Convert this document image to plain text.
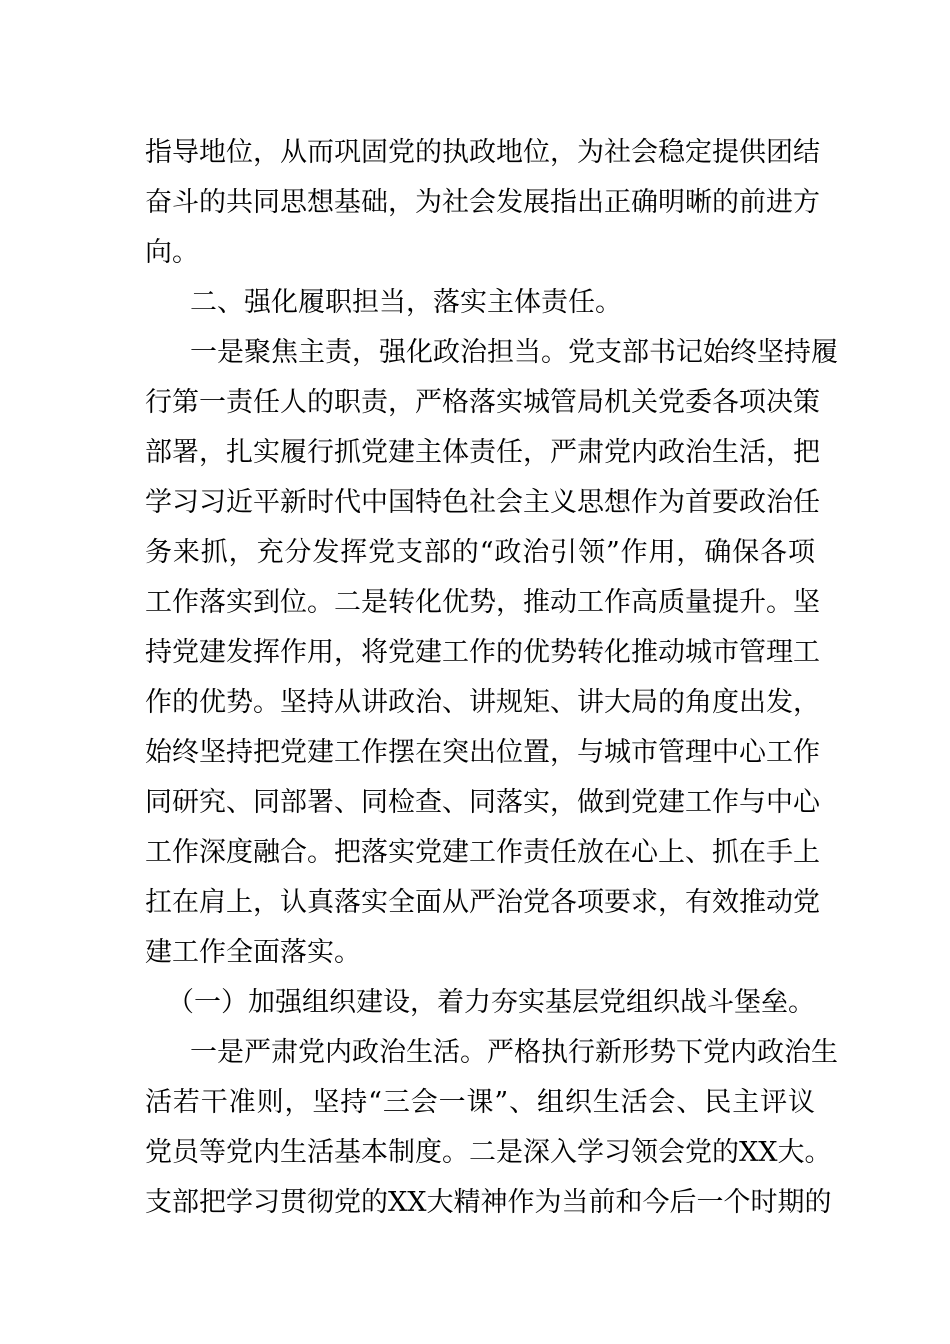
指导地位，从而巩固党的执政地位，为社会稳定提供团结
奋斗的共同思想基础，为社会发展指出正确明晰的前进方
向。
二、强化履职担当，落实主体责任。
一是聚焦主责，强化政治担当。党支部书记始终坚持履
行第一责任人的职责，严格落实城管局机关党委各项决策
部署，扎实履行抓党建主体责任，严肃党内政治生活，把
学习习近平新时代中国特色社会主义思想作为首要政治任
务来抓，充分发挥党支部的“政治引领”作用，确保各项
工作落实到位。二是转化优势，推动工作高质量提升。坚
持党建发挥作用，将党建工作的优势转化推动城市管理工
作的优势。坚持从讲政治、讲规矩、讲大局的角度出发，
始终坚持把党建工作摆在突出位置，与城市管理中心工作
同研究、同部署、同检查、同落实，做到党建工作与中心
工作深度融合。把落实党建工作责任放在心上、抓在手上
扛在肩上，认真落实全面从严治党各项要求，有效推动党
建工作全面落实。
（一）加强组织建设，着力夯实基层党组织战斗堡垒。
一是严肃党内政治生活。严格执行新形势下党内政治生
活若干准则，坚持“三会一课”、组织生活会、民主评议
党员等党内生活基本制度。二是深入学习领会党的XX大。
支部把学习贯彻党的XX大精神作为当前和今后一个时期的
